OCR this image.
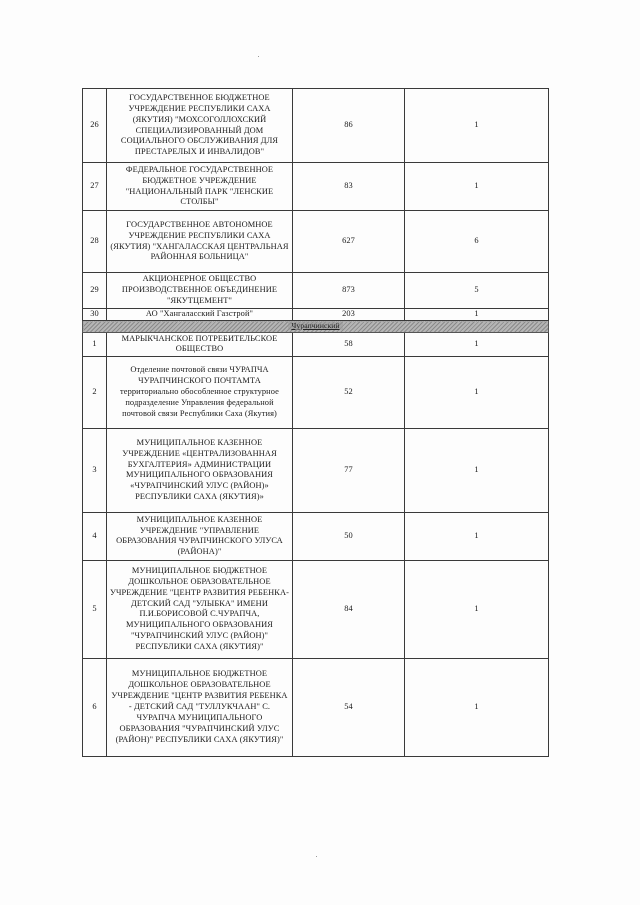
26	ГОСУДАРСТВЕННОЕ БЮДЖЕТНОЕ УЧРЕЖДЕНИЕ РЕСПУБЛИКИ САХА (ЯКУТИЯ) "МОХСОГОЛЛОХСКИЙ СПЕЦИАЛИЗИРОВАННЫЙ ДОМ СОЦИАЛЬНОГО ОБСЛУЖИВАНИЯ ДЛЯ ПРЕСТАРЕЛЫХ И ИНВАЛИДОВ"	86	1
27	ФЕДЕРАЛЬНОЕ ГОСУДАРСТВЕННОЕ БЮДЖЕТНОЕ УЧРЕЖДЕНИЕ "НАЦИОНАЛЬНЫЙ ПАРК "ЛЕНСКИЕ СТОЛБЫ"	83	1
28	ГОСУДАРСТВЕННОЕ АВТОНОМНОЕ УЧРЕЖДЕНИЕ РЕСПУБЛИКИ САХА (ЯКУТИЯ) "ХАНГАЛАССКАЯ ЦЕНТРАЛЬНАЯ РАЙОННАЯ БОЛЬНИЦА"	627	6
29	АКЦИОНЕРНОЕ ОБЩЕСТВО ПРОИЗВОДСТВЕННОЕ ОБЪЕДИНЕНИЕ "ЯКУТЦЕМЕНТ"	873	5
30	АО "Хангаласский Газстрой"	203	1
Чурапчинский			
1	МАРЫКЧАНСКОЕ ПОТРЕБИТЕЛЬСКОЕ ОБЩЕСТВО	58	1
2	Отделение почтовой связи ЧУРАПЧА ЧУРАПЧИНСКОГО ПОЧТАМТА территориально обособленное структурное подразделение Управления федеральной почтовой связи Республики Саха (Якутия)	52	1
3	МУНИЦИПАЛЬНОЕ КАЗЕННОЕ УЧРЕЖДЕНИЕ «ЦЕНТРАЛИЗОВАННАЯ БУХГАЛТЕРИЯ» АДМИНИСТРАЦИИ МУНИЦИПАЛЬНОГО ОБРАЗОВАНИЯ «ЧУРАПЧИНСКИЙ УЛУС (РАЙОН)» РЕСПУБЛИКИ САХА (ЯКУТИЯ)»	77	1
4	МУНИЦИПАЛЬНОЕ КАЗЕННОЕ УЧРЕЖДЕНИЕ "УПРАВЛЕНИЕ ОБРАЗОВАНИЯ ЧУРАПЧИНСКОГО УЛУСА (РАЙОНА)"	50	1
5	МУНИЦИПАЛЬНОЕ БЮДЖЕТНОЕ ДОШКОЛЬНОЕ ОБРАЗОВАТЕЛЬНОЕ УЧРЕЖДЕНИЕ "ЦЕНТР РАЗВИТИЯ РЕБЕНКА-ДЕТСКИЙ САД "УЛЫБКА" ИМЕНИ П.И.БОРИСОВОЙ С.ЧУРАПЧА, МУНИЦИПАЛЬНОГО ОБРАЗОВАНИЯ "ЧУРАПЧИНСКИЙ УЛУС (РАЙОН)" РЕСПУБЛИКИ САХА (ЯКУТИЯ)"	84	1
6	МУНИЦИПАЛЬНОЕ БЮДЖЕТНОЕ ДОШКОЛЬНОЕ ОБРАЗОВАТЕЛЬНОЕ УЧРЕЖДЕНИЕ "ЦЕНТР РАЗВИТИЯ РЕБЕНКА - ДЕТСКИЙ САД "ТУЛЛУКЧААН" С. ЧУРАПЧА МУНИЦИПАЛЬНОГО ОБРАЗОВАНИЯ "ЧУРАПЧИНСКИЙ УЛУС (РАЙОН)" РЕСПУБЛИКИ САХА (ЯКУТИЯ)"	54	1
